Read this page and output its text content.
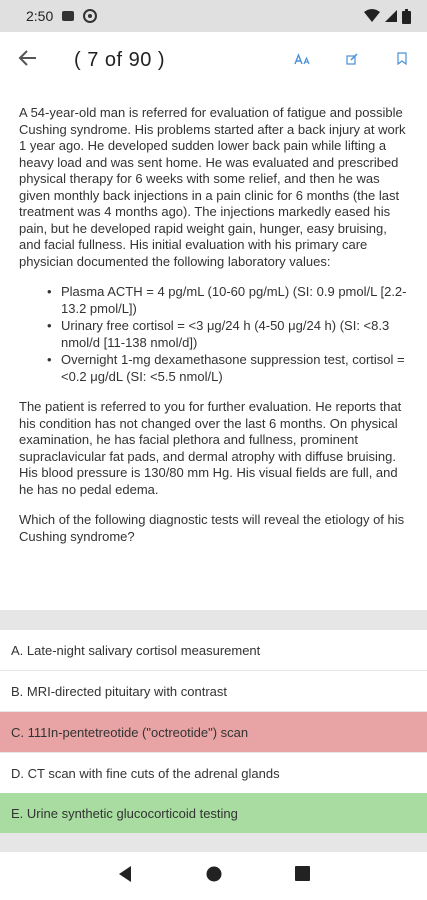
2:50
( 7 of 90 )

A 54-year-old man is referred for evaluation of fatigue and possible Cushing syndrome. His problems started after a back injury at work 1 year ago. He developed sudden lower back pain while lifting a heavy load and was sent home. He was evaluated and prescribed physical therapy for 6 weeks with some relief, and then he was given monthly back injections in a pain clinic for 6 months (the last treatment was 4 months ago). The injections markedly eased his pain, but he developed rapid weight gain, hunger, easy bruising, and facial fullness. His initial evaluation with his primary care physician documented the following laboratory values:

• Plasma ACTH = 4 pg/mL (10-60 pg/mL) (SI: 0.9 pmol/L [2.2-13.2 pmol/L])
• Urinary free cortisol = <3 μg/24 h (4-50 μg/24 h) (SI: <8.3 nmol/d [11-138 nmol/d])
• Overnight 1-mg dexamethasone suppression test, cortisol = <0.2 μg/dL (SI: <5.5 nmol/L)

The patient is referred to you for further evaluation. He reports that his condition has not changed over the last 6 months. On physical examination, he has facial plethora and fullness, prominent supraclavicular fat pads, and dermal atrophy with diffuse bruising. His blood pressure is 130/80 mm Hg. His visual fields are full, and he has no pedal edema.

Which of the following diagnostic tests will reveal the etiology of his Cushing syndrome?

A. Late-night salivary cortisol measurement
B. MRI-directed pituitary with contrast
C. 111In-pentetreotide ("octreotide") scan
D. CT scan with fine cuts of the adrenal glands
E. Urine synthetic glucocorticoid testing
